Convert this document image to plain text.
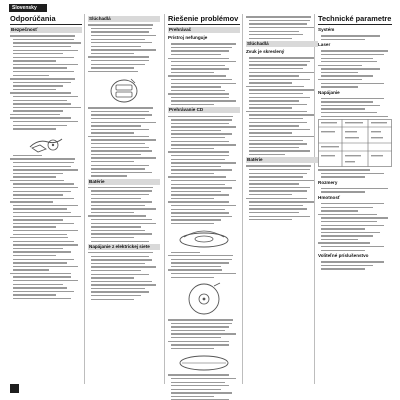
Slovensky
Odporúčania
Bezpečnosť
Slúchadlá
Batérie
Napájanie z elektrickej siete
Riešenie problémov
Prehrávač
Prístroj nefunguje
Prehrávanie CD
Slúchadlá
Zvuk je skreslený
Batérie
Technické parametre
Systém
Laser
Napájanie
Rozmery
Hmotnosť
Voliteľné príslušenstvo
